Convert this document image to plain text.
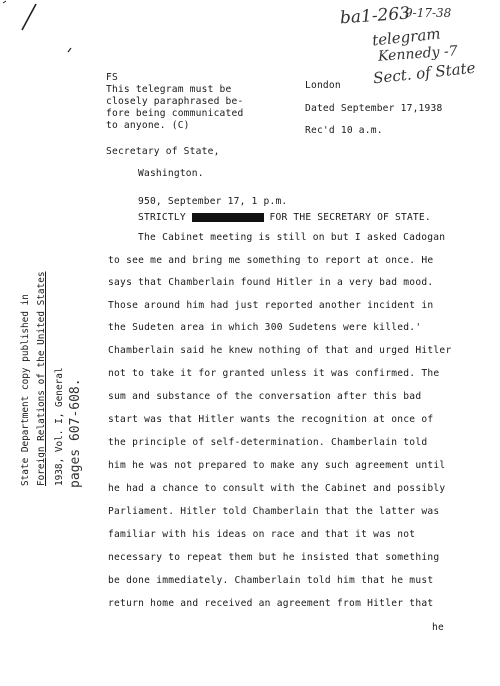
ba1-263
9-17-38
telegram
Kennedy -7
Sect. of State
FS
This telegram must be
closely paraphrased be-
fore being communicated
to anyone. (C)
London
Dated September 17,1938
Rec'd 10 a.m.
Secretary of State,
Washington.
950, September 17, 1 p.m.
STRICTLY	FOR THE SECRETARY OF STATE.
The Cabinet meeting is still on but I asked Cadogan
to see me and bring me something to report at once. He
says that Chamberlain found Hitler in a very bad mood.
Those around him had just reported another incident in
the Sudeten area in which 300 Sudetens were killed.'
Chamberlain said he knew nothing of that and urged Hitler
not to take it for granted unless it was confirmed. The
sum and substance of the conversation after this bad
start was that Hitler wants the recognition at once of
the principle of self-determination. Chamberlain told
him he was not prepared to make any such agreement until
he had a chance to consult with the Cabinet and possibly
Parliament. Hitler told Chamberlain that the latter was
familiar with his ideas on race and that it was not
necessary to repeat them but he insisted that something
be done immediately. Chamberlain told him that he must
return home and received an agreement from Hitler that
he
State Department copy published in Foreign Relations of the United States 1938, Vol. I, General pages 607-608.
